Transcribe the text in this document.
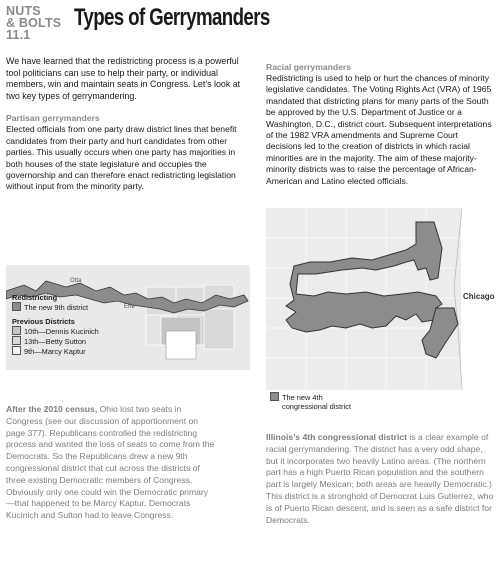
NUTS
& BOLTS
11.1
Types of Gerrymanders

We have learned that the redistricting process is a powerful tool politicians can use to help their party, or individual members, win and maintain seats in Congress. Let’s look at two key types of gerrymandering.

Partisan gerrymanders

Elected officials from one party draw district lines that benefit candidates from their party and hurt candidates from other parties. This usually occurs when one party has majorities in both houses of the state legislature and occupies the governorship and can therefore enact redistricting legislation without input from the minority party.

Racial gerrymanders

Redistricting is used to help or hurt the chances of minority legislative candidates. The Voting Rights Act (VRA) of 1965 mandated that districting plans for many parts of the South be approved by the U.S. Department of Justice or a Washington, D.C., district court. Subsequent interpretations of the 1982 VRA amendments and Supreme Court decisions led to the creation of districts in which racial minorities are in the majority. The aim of these majority-minority districts was to raise the percentage of African-American and Latino elected officials.

Otta
Erie
Redistricting
The new 9th district
Previous Districts
10th—Dennis Kucinich
13th—Betty Sutton
9th—Marcy Kaptur
Chicago
The new 4th
congressional district
After the 2010 census, Ohio lost two seats in Congress (see our discussion of apportionment on page 377). Republicans controlled the redistricting process and wanted the loss of seats to come from the Democrats. So the Republicans drew a new 9th congressional district that cut across the districts of three existing Democratic members of Congress. Obviously only one could win the Democratic primary—that happened to be Marcy Kaptur. Democrats Kucinich and Sutton had to leave Congress.
Illinois’s 4th congressional district is a clear example of racial gerrymandering. The district has a very odd shape, but it incorporates two heavily Latino areas. (The northern part has a high Puerto Rican population and the southern part is largely Mexican; both areas are heavily Democratic.) This district is a stronghold of Democrat Luis Gutierrez, who is of Puerto Rican descent, and is seen as a safe district for Democrats.
